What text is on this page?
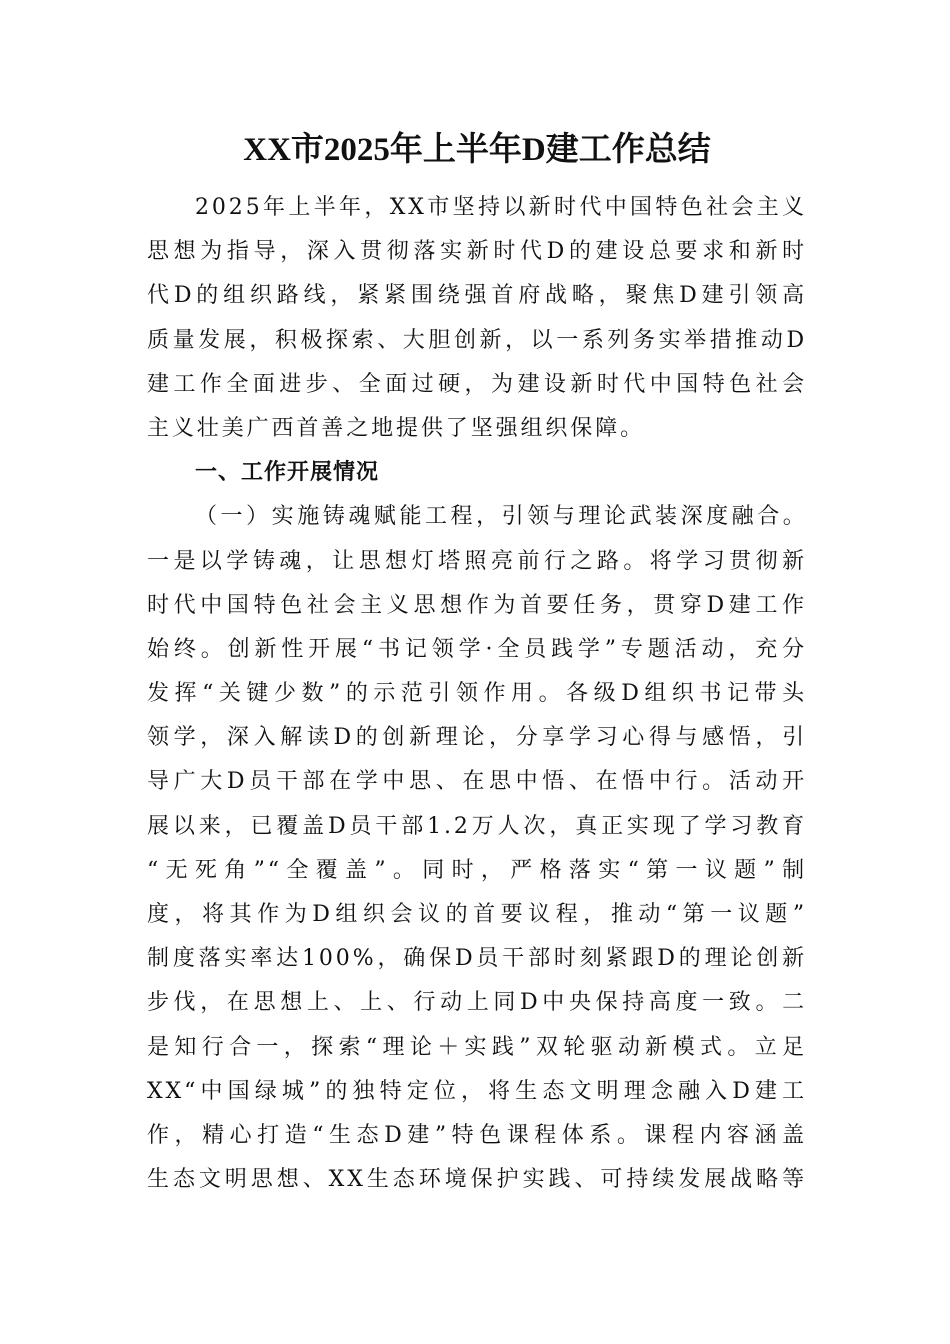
XX市2025年上半年D建工作总结
2025年上半年，XX市坚持以新时代中国特色社会主义
思想为指导，深入贯彻落实新时代D的建设总要求和新时
代D的组织路线，紧紧围绕强首府战略，聚焦D建引领高
质量发展，积极探索、大胆创新，以一系列务实举措推动D
建工作全面进步、全面过硬，为建设新时代中国特色社会
主义壮美广西首善之地提供了坚强组织保障。
一、工作开展情况
（一）实施铸魂赋能工程，引领与理论武装深度融合。
一是以学铸魂，让思想灯塔照亮前行之路。将学习贯彻新
时代中国特色社会主义思想作为首要任务，贯穿D建工作
始终。创新性开展“书记领学·全员践学”专题活动，充分
发挥“关键少数”的示范引领作用。各级D组织书记带头
领学，深入解读D的创新理论，分享学习心得与感悟，引
导广大D员干部在学中思、在思中悟、在悟中行。活动开
展以来，已覆盖D员干部1.2万人次，真正实现了学习教育
“无死角”“全覆盖”。同时，严格落实“第一议题”制
度，将其作为D组织会议的首要议程，推动“第一议题”
制度落实率达100%，确保D员干部时刻紧跟D的理论创新
步伐，在思想上、上、行动上同D中央保持高度一致。二
是知行合一，探索“理论＋实践”双轮驱动新模式。立足
XX“中国绿城”的独特定位，将生态文明理念融入D建工
作，精心打造“生态D建”特色课程体系。课程内容涵盖
生态文明思想、XX生态环境保护实践、可持续发展战略等
